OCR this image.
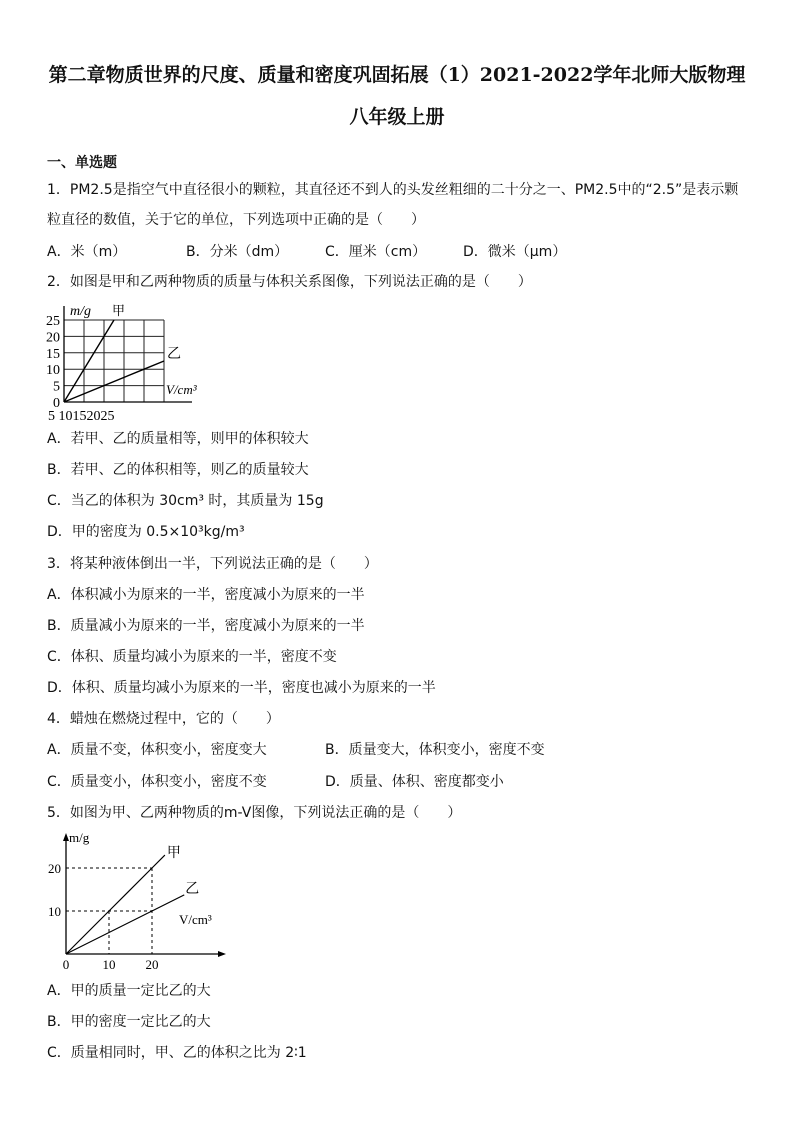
第二章物质世界的尺度、质量和密度巩固拓展（1）2021-2022学年北师大版物理
八年级上册
一、单选题
1．PM2.5是指空气中直径很小的颗粒，其直径还不到人的头发丝粗细的二十分之一、PM2.5中的“2.5”是表示颗
粒直径的数值，关于它的单位，下列选项中正确的是（　　）
A．米（m）	B．分米（dm）	C．厘米（cm）	D．微米（μm）
2．如图是甲和乙两种物质的质量与体积关系图像，下列说法正确的是（　　）
0
5
10
15
20
25
5 10152025
m/g
V/cm³
甲
乙
A．若甲、乙的质量相等，则甲的体积较大
B．若甲、乙的体积相等，则乙的质量较大
C．当乙的体积为 30cm³ 时，其质量为 15g
D．甲的密度为 0.5×10³kg/m³
3．将某种液体倒出一半，下列说法正确的是（　　）
A．体积减小为原来的一半，密度减小为原来的一半
B．质量减小为原来的一半，密度减小为原来的一半
C．体积、质量均减小为原来的一半，密度不变
D．体积、质量均减小为原来的一半，密度也减小为原来的一半
4．蜡烛在燃烧过程中，它的（　　）
A．质量不变，体积变小，密度变大	B．质量变大，体积变小，密度不变
C．质量变小，体积变小，密度不变	D．质量、体积、密度都变小
5．如图为甲、乙两种物质的m-V图像，下列说法正确的是（　　）
10
20
0	10 20
m/g
V/cm³
甲
乙
A．甲的质量一定比乙的大
B．甲的密度一定比乙的大
C．质量相同时，甲、乙的体积之比为 2∶1
